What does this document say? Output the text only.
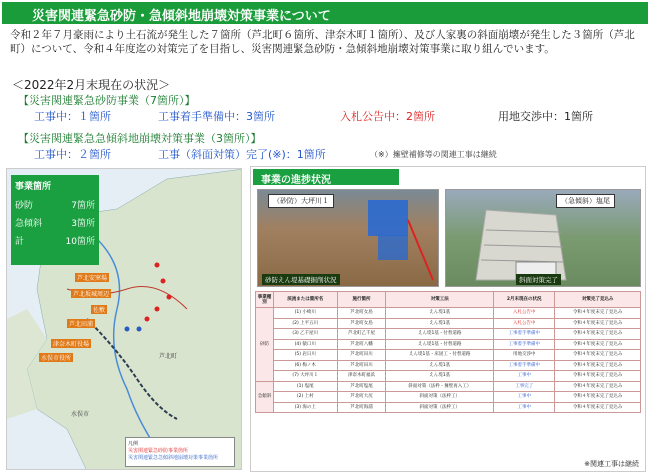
災害関連緊急砂防・急傾斜地崩壊対策事業について
令和２年７月豪雨により土石流が発生した７箇所（芦北町６箇所、津奈木町１箇所）、及び人家裏の斜面崩壊が発生した３箇所（芦北町）について、令和４年度迄の対策完了を目指し、災害関連緊急砂防・急傾斜地崩壊対策事業に取り組んでいます。
＜2022年2月末現在の状況＞
【災害関連緊急砂防事業（7箇所）】
工事中：１箇所	工事着手準備中：3箇所	入札公告中：2箇所	用地交渉中：1箇所
【災害関連緊急急傾斜地崩壊対策事業（3箇所）】
工事中：２箇所	工事（斜面対策）完了(※)：1箇所	（※）擁壁補修等の関連工事は継続
事業箇所
砂防	7箇所
急傾斜	3箇所
計	10箇所
芦北安窯場
芦北坂城周辺
佐敷
芦北田浦
津奈木町役場
水俣市役所	芦北町
水俣市
凡例
災害関連緊急砂防事業箇所
災害関連緊急急傾斜地崩壊対策事業箇所
事業の進捗状況
（砂防）大坪川１
砂防えん堤基礎掘削状況
（急傾斜）塩尾
斜面対策完了
事業種別	渓流または箇所名	施行箇所	対策工法	2月末現在の状況	対策完了見込み
砂防	(1) 小崎川	芦北町女島	えん堤1基	入札公告中	令和４年度末完了見込み
	(2) 上平五川	芦北町女島	えん堤1基	入札公告中	令和４年度末完了見込み
	(3) 乙千屋川	芦北町乙千屋	えん堤1基・付替道路	工事着手準備中	令和４年度末完了見込み
	(4) 猿口川	芦北町八幡	えん堤1基・付替道路	工事着手準備中	令和４年度末完了見込み
	(5) 岩日川	芦北町田川	えん堤1基・床固工・付替道路	用地交渉中	令和４年度末完了見込み
	(6) 梅ノ木	芦北町田川	えん堤1基	工事着手準備中	令和４年度末完了見込み
	(7) 大坪川１	津奈木町福浜	えん堤1基	工事中	令和４年度末完了見込み
急傾斜	(1) 塩尾	芦北町塩尾	斜面対策（法枠・擁壁再入工）	工事完了	令和４年度末完了見込み
	(2) 上村	芦北町大尻	斜面対策（法枠工）	工事中	令和４年度末完了見込み
	(3) 海の上	芦北町海浦	斜面対策（法枠工）	工事中	令和４年度末完了見込み
※関連工事は継続
